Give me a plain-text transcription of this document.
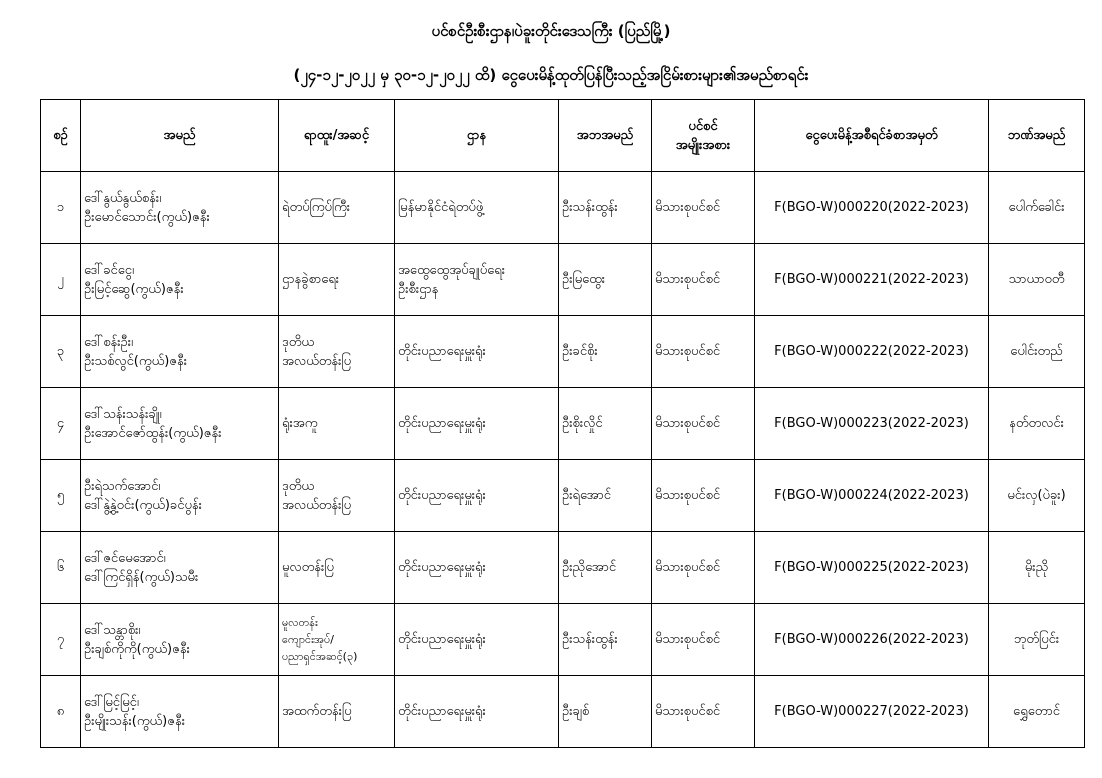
ပင်စင်ဦးစီးဌာန၊ပဲခူးတိုင်းဒေသကြီး (ပြည်မြို့)
(၂၄-၁၂-၂၀၂၂ မှ ၃၀-၁၂-၂၀၂၂ ထိ) ငွေပေးမိန့်ထုတ်ပြန်ပြီးသည့်အငြိမ်းစားများ၏အမည်စာရင်း
စဉ်	အမည်	ရာထူး/အဆင့်	ဌာန	အဘအမည်	ပင်စင်
အမျိုးအစား	ငွေပေးမိန့်အစီရင်ခံစာအမှတ်	ဘဏ်အမည်

၁	ဒေါ်နွယ်နွယ်စန်း၊
ဦးမောင်သောင်း(ကွယ်)ဇနီး	ရဲတပ်ကြပ်ကြီး	မြန်မာနိုင်ငံရဲတပ်ဖွဲ့	ဦးသန်းထွန်း	မိသားစုပင်စင်	F(BGO-W)000220(2022-2023)	ပေါက်ခေါင်း

၂	ဒေါ်ခင်ငွေ၊
ဦးမြင့်ဆွေ(ကွယ်)ဇနီး	ဌာနခွဲစာရေး	အထွေထွေအုပ်ချုပ်ရေး
ဦးစီးဌာန	ဦးမြထွေး	မိသားစုပင်စင်	F(BGO-W)000221(2022-2023)	သာယာဝတီ

၃	ဒေါ်စန်းဦး၊
ဦးသစ်လွင်(ကွယ်)ဇနီး	ဒုတိယ
အလယ်တန်းပြ	တိုင်းပညာရေးမှူးရုံး	ဦးခင်စိုး	မိသားစုပင်စင်	F(BGO-W)000222(2022-2023)	ပေါင်းတည်

၄	ဒေါ်သန်းသန်းချို၊
ဦးအောင်ဇော်ထွန်း(ကွယ်)ဇနီး	ရုံးအကူ	တိုင်းပညာရေးမှူးရုံး	ဦးစိုးလှိုင်	မိသားစုပင်စင်	F(BGO-W)000223(2022-2023)	နတ်တလင်း

၅	ဦးရဲသက်အောင်၊
ဒေါ်နွဲ့နွဲ့ဝင်း(ကွယ်)ခင်ပွန်း	ဒုတိယ
အလယ်တန်းပြ	တိုင်းပညာရေးမှူးရုံး	ဦးရဲအောင်	မိသားစုပင်စင်	F(BGO-W)000224(2022-2023)	မင်းလှ(ပဲခူး)

၆	ဒေါ်ဇင်မေအောင်၊
ဒေါ်ကြင်ရှိန်(ကွယ်)သမီး	မူလတန်းပြ	တိုင်းပညာရေးမှူးရုံး	ဦးညိုအောင်	မိသားစုပင်စင်	F(BGO-W)000225(2022-2023)	မိုးညို

၇	ဒေါ်သန္တာစိုး၊
ဦးချစ်ကိုကို(ကွယ်)ဇနီး	မူလတန်း
ကျောင်းအုပ်/
ပညာရှင်အဆင့်(၃)	တိုင်းပညာရေးမှူးရုံး	ဦးသန်းထွန်း	မိသားစုပင်စင်	F(BGO-W)000226(2022-2023)	ဘုတ်ပြင်း

၈	ဒေါ်မြင့်မြင့်၊
ဦးမျိုးသန်း(ကွယ်)ဇနီး	အထက်တန်းပြ	တိုင်းပညာရေးမှူးရုံး	ဦးချစ်	မိသားစုပင်စင်	F(BGO-W)000227(2022-2023)	ရွှေတောင်
